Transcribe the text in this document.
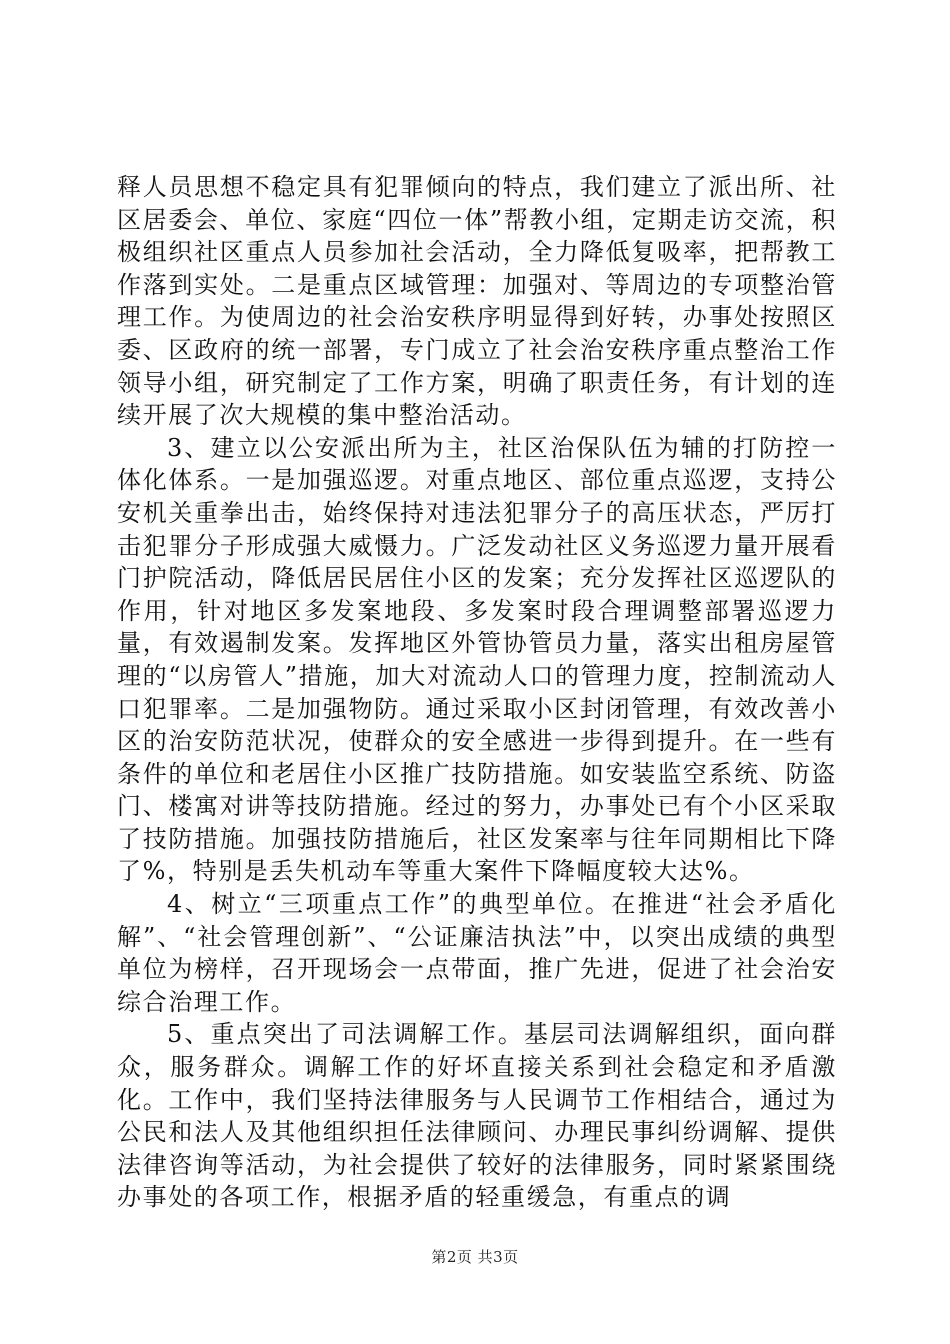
释人员思想不稳定具有犯罪倾向的特点，我们建立了派出所、社区居委会、单位、家庭“四位一体”帮教小组，定期走访交流，积极组织社区重点人员参加社会活动，全力降低复吸率，把帮教工作落到实处。二是重点区域管理：加强对、等周边的专项整治管理工作。为使周边的社会治安秩序明显得到好转，办事处按照区委、区政府的统一部署，专门成立了社会治安秩序重点整治工作领导小组，研究制定了工作方案，明确了职责任务，有计划的连续开展了次大规模的集中整治活动。

3、建立以公安派出所为主，社区治保队伍为辅的打防控一体化体系。一是加强巡逻。对重点地区、部位重点巡逻，支持公安机关重拳出击，始终保持对违法犯罪分子的高压状态，严厉打击犯罪分子形成强大威慑力。广泛发动社区义务巡逻力量开展看门护院活动，降低居民居住小区的发案；充分发挥社区巡逻队的作用，针对地区多发案地段、多发案时段合理调整部署巡逻力量，有效遏制发案。发挥地区外管协管员力量，落实出租房屋管理的“以房管人”措施，加大对流动人口的管理力度，控制流动人口犯罪率。二是加强物防。通过采取小区封闭管理，有效改善小区的治安防范状况，使群众的安全感进一步得到提升。在一些有条件的单位和老居住小区推广技防措施。如安装监空系统、防盗门、楼寓对讲等技防措施。经过的努力，办事处已有个小区采取了技防措施。加强技防措施后，社区发案率与往年同期相比下降了%，特别是丢失机动车等重大案件下降幅度较大达%。

4、树立“三项重点工作”的典型单位。在推进“社会矛盾化解”、“社会管理创新”、“公证廉洁执法”中，以突出成绩的典型单位为榜样，召开现场会一点带面，推广先进，促进了社会治安综合治理工作。

5、重点突出了司法调解工作。基层司法调解组织，面向群众，服务群众。调解工作的好坏直接关系到社会稳定和矛盾激化。工作中，我们坚持法律服务与人民调节工作相结合，通过为公民和法人及其他组织担任法律顾问、办理民事纠纷调解、提供法律咨询等活动，为社会提供了较好的法律服务，同时紧紧围绕办事处的各项工作，根据矛盾的轻重缓急，有重点的调

第2页 共3页
